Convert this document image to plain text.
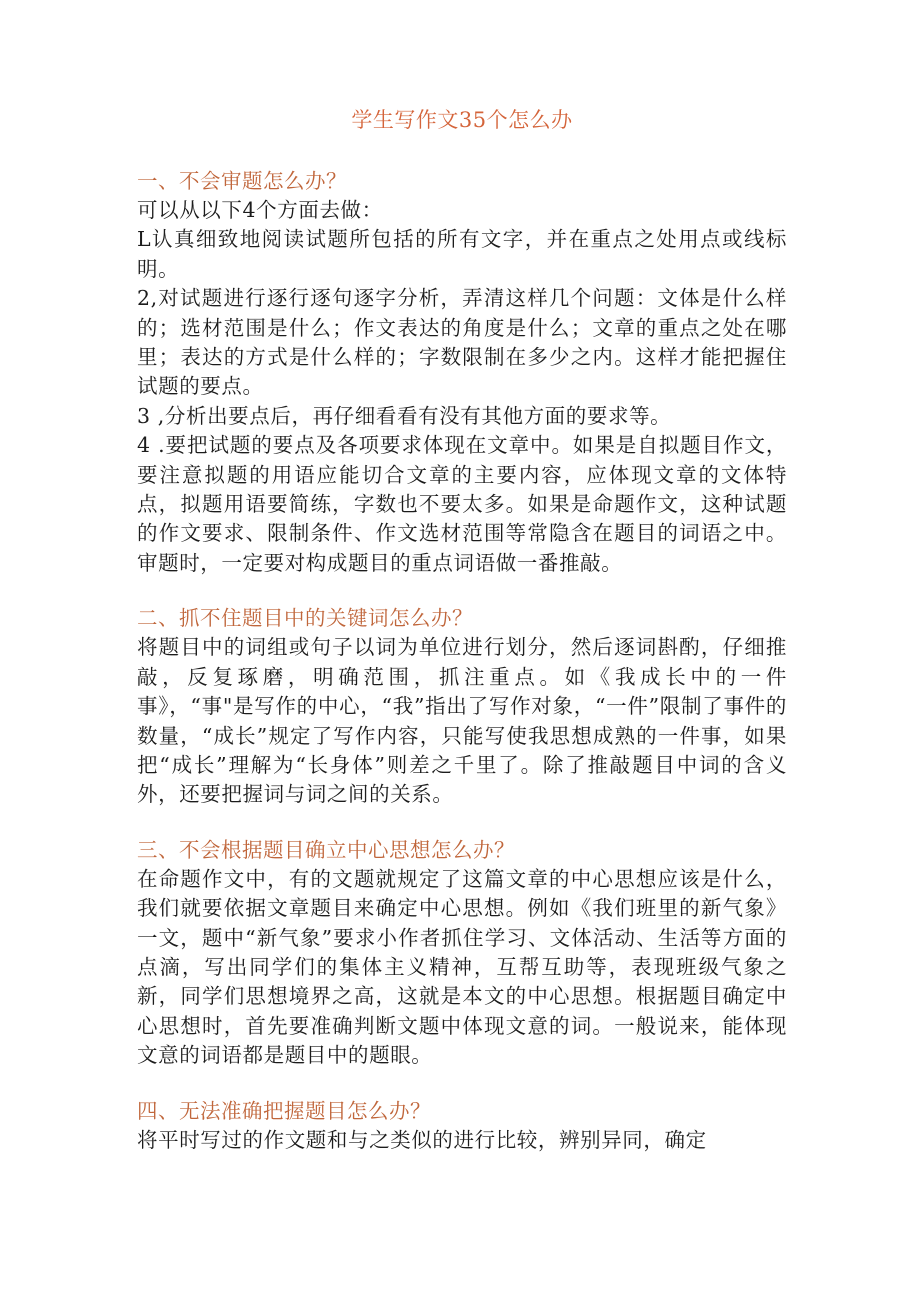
学生写作文35个怎么办
一、不会审题怎么办？

可以从以下4个方面去做：

L认真细致地阅读试题所包括的所有文字，并在重点之处用点或线标明。

2,对试题进行逐行逐句逐字分析，弄清这样几个问题：文体是什么样的；选材范围是什么；作文表达的角度是什么；文章的重点之处在哪里；表达的方式是什么样的；字数限制在多少之内。这样才能把握住试题的要点。

3 ,分析出要点后，再仔细看看有没有其他方面的要求等。

4 .要把试题的要点及各项要求体现在文章中。如果是自拟题目作文，要注意拟题的用语应能切合文章的主要内容，应体现文章的文体特点，拟题用语要简练，字数也不要太多。如果是命题作文，这种试题的作文要求、限制条件、作文选材范围等常隐含在题目的词语之中。审题时，一定要对构成题目的重点词语做一番推敲。

二、抓不住题目中的关键词怎么办？

将题目中的词组或句子以词为单位进行划分，然后逐词斟酌，仔细推敲，反复琢磨，明确范围，抓注重点。如《我成长中的一件事》，“事"是写作的中心，“我”指出了写作对象，“一件”限制了事件的数量，“成长”规定了写作内容，只能写使我思想成熟的一件事，如果把“成长”理解为“长身体”则差之千里了。除了推敲题目中词的含义外，还要把握词与词之间的关系。

三、不会根据题目确立中心思想怎么办？

在命题作文中，有的文题就规定了这篇文章的中心思想应该是什么，我们就要依据文章题目来确定中心思想。例如《我们班里的新气象》一文，题中“新气象”要求小作者抓住学习、文体活动、生活等方面的点滴，写出同学们的集体主义精神，互帮互助等，表现班级气象之新，同学们思想境界之高，这就是本文的中心思想。根据题目确定中心思想时，首先要准确判断文题中体现文意的词。一般说来，能体现文意的词语都是题目中的题眼。

四、无法准确把握题目怎么办？

将平时写过的作文题和与之类似的进行比较，辨别异同，确定
